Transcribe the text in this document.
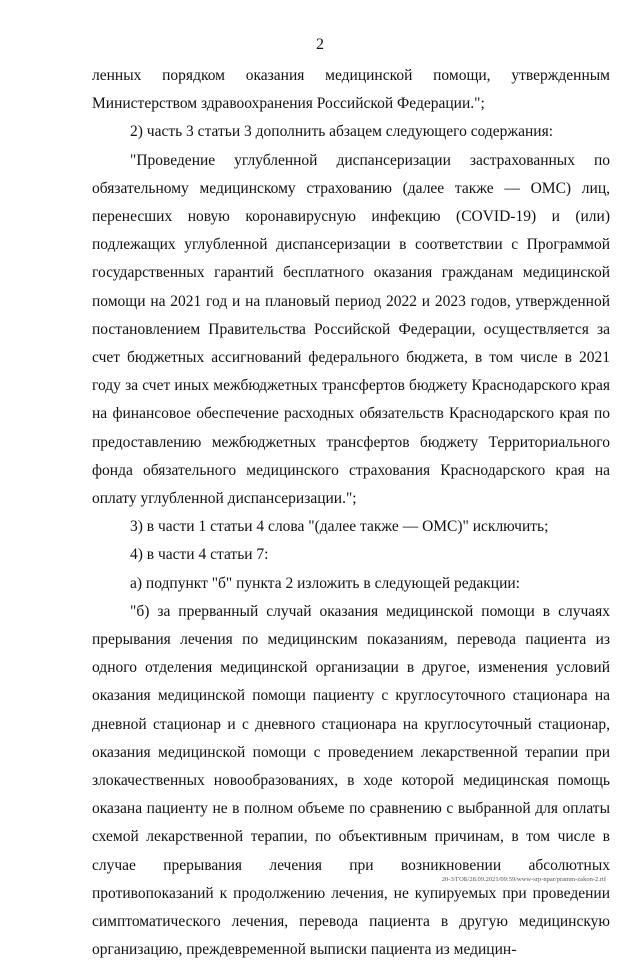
2

ленных порядком оказания медицинской помощи, утвержденным Министерством здравоохранения Российской Федерации.";

2) часть 3 статьи 3 дополнить абзацем следующего содержания:

"Проведение углубленной диспансеризации застрахованных по обязательному медицинскому страхованию (далее также — ОМС) лиц, перенесших новую коронавирусную инфекцию (COVID-19) и (или) подлежащих углубленной диспансеризации в соответствии с Программой государственных гарантий бесплатного оказания гражданам медицинской помощи на 2021 год и на плановый период 2022 и 2023 годов, утвержденной постановлением Правительства Российской Федерации, осуществляется за счет бюджетных ассигнований федерального бюджета, в том числе в 2021 году за счет иных межбюджетных трансфертов бюджету Краснодарского края на финансовое обеспечение расходных обязательств Краснодарского края по предоставлению межбюджетных трансфертов бюджету Территориального фонда обязательного медицинского страхования Краснодарского края на оплату углубленной диспансеризации.";

3) в части 1 статьи 4 слова "(далее также — ОМС)" исключить;

4) в части 4 статьи 7:

а) подпункт "б" пункта 2 изложить в следующей редакции:

"б) за прерванный случай оказания медицинской помощи в случаях прерывания лечения по медицинским показаниям, перевода пациента из одного отделения медицинской организации в другое, изменения условий оказания медицинской помощи пациенту с круглосуточного стационара на дневной стационар и с дневного стационара на круглосуточный стационар, оказания медицинской помощи с проведением лекарственной терапии при злокачественных новообразованиях, в ходе которой медицинская помощь оказана пациенту не в полном объеме по сравнению с выбранной для оплаты схемой лекарственной терапии, по объективным причинам, в том числе в случае прерывания лечения при возникновении абсолютных противопоказаний к продолжению лечения, не купируемых при проведении симптоматического лечения, перевода пациента в другую медицинскую организацию, преждевременной выписки пациента из медицин-

20-3/ГОБ/28.09.2021/09:59/www-srp-npar/pramm-zakon-2.rtf
